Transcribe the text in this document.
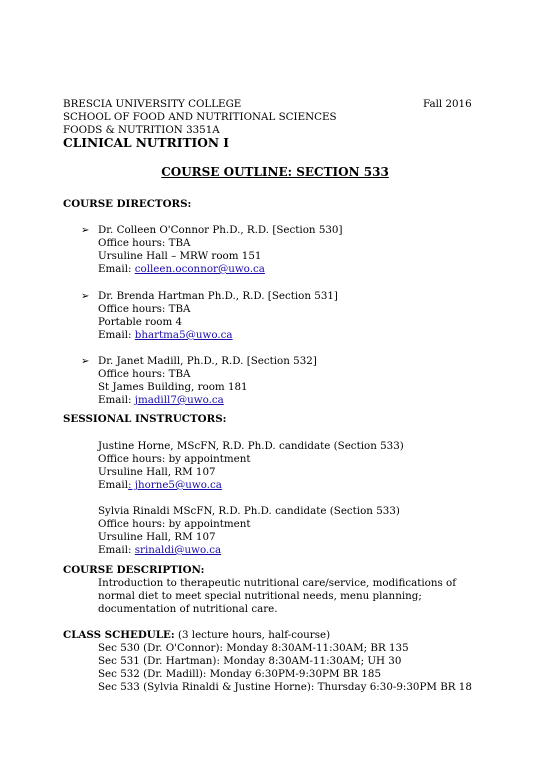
BRESCIA UNIVERSITY COLLEGE	Fall 2016
SCHOOL OF FOOD AND NUTRITIONAL SCIENCES
FOODS & NUTRITION 3351A
CLINICAL NUTRITION I
COURSE OUTLINE: SECTION 533
COURSE DIRECTORS:
➢ Dr. Colleen O'Connor Ph.D., R.D. [Section 530]
Office hours: TBA
Ursuline Hall – MRW room 151
Email: colleen.oconnor@uwo.ca
➢ Dr. Brenda Hartman Ph.D., R.D. [Section 531]
Office hours: TBA
Portable room 4
Email: bhartma5@uwo.ca
➢ Dr. Janet Madill, Ph.D., R.D. [Section 532]
Office hours: TBA
St James Building, room 181
Email: jmadill7@uwo.ca
SESSIONAL INSTRUCTORS:
Justine Horne, MScFN, R.D. Ph.D. candidate (Section 533)
Office hours: by appointment
Ursuline Hall, RM 107
Email: jhorne5@uwo.ca
Sylvia Rinaldi MScFN, R.D. Ph.D. candidate (Section 533)
Office hours: by appointment
Ursuline Hall, RM 107
Email: srinaldi@uwo.ca
COURSE DESCRIPTION:
Introduction to therapeutic nutritional care/service, modifications of
normal diet to meet special nutritional needs, menu planning;
documentation of nutritional care.
CLASS SCHEDULE: (3 lecture hours, half-course)
Sec 530 (Dr. O'Connor): Monday 8:30AM-11:30AM; BR 135
Sec 531 (Dr. Hartman): Monday 8:30AM-11:30AM; UH 30
Sec 532 (Dr. Madill): Monday 6:30PM-9:30PM BR 185
Sec 533 (Sylvia Rinaldi & Justine Horne): Thursday 6:30-9:30PM BR 18
